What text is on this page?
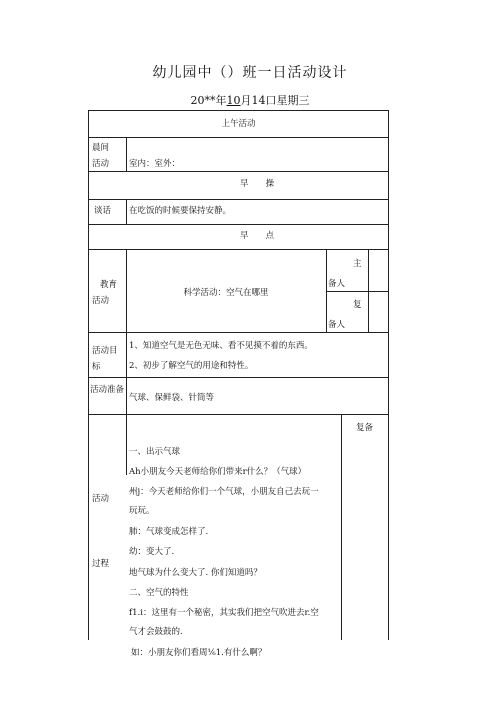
幼儿园中（）班一日活动设计
20**年10月14口星期三
上午活动
晨间
活动 室内：室外：
早　　操
谈话 在吃饭的时候要保持安静。
早　　点
教育
活动
科学活动：空气在哪里
主
备人
复
备人
活动目
标
1、知道空气是无色无味、看不见摸不着的东西。
2、初步了解空气的用途和特性。
活动准备
气球、保鲜袋、针筒等
活动
过程
复备
一、出示气球
Ah小朋友今天老师给你们带来r什么？（气球）
州j：今天老师给你们一个气球，小朋友自己去玩一
玩玩。
肺：气球变成怎样了.
幼：变大了.
地气球为什么变大了. 你们知道吗？
二、空气的特性
f1.i：这里有一个秘密，其实我们把空气吹进去r.空
气才会鼓鼓的.
如：小朋友你们看周⅙1.有什么啊？
